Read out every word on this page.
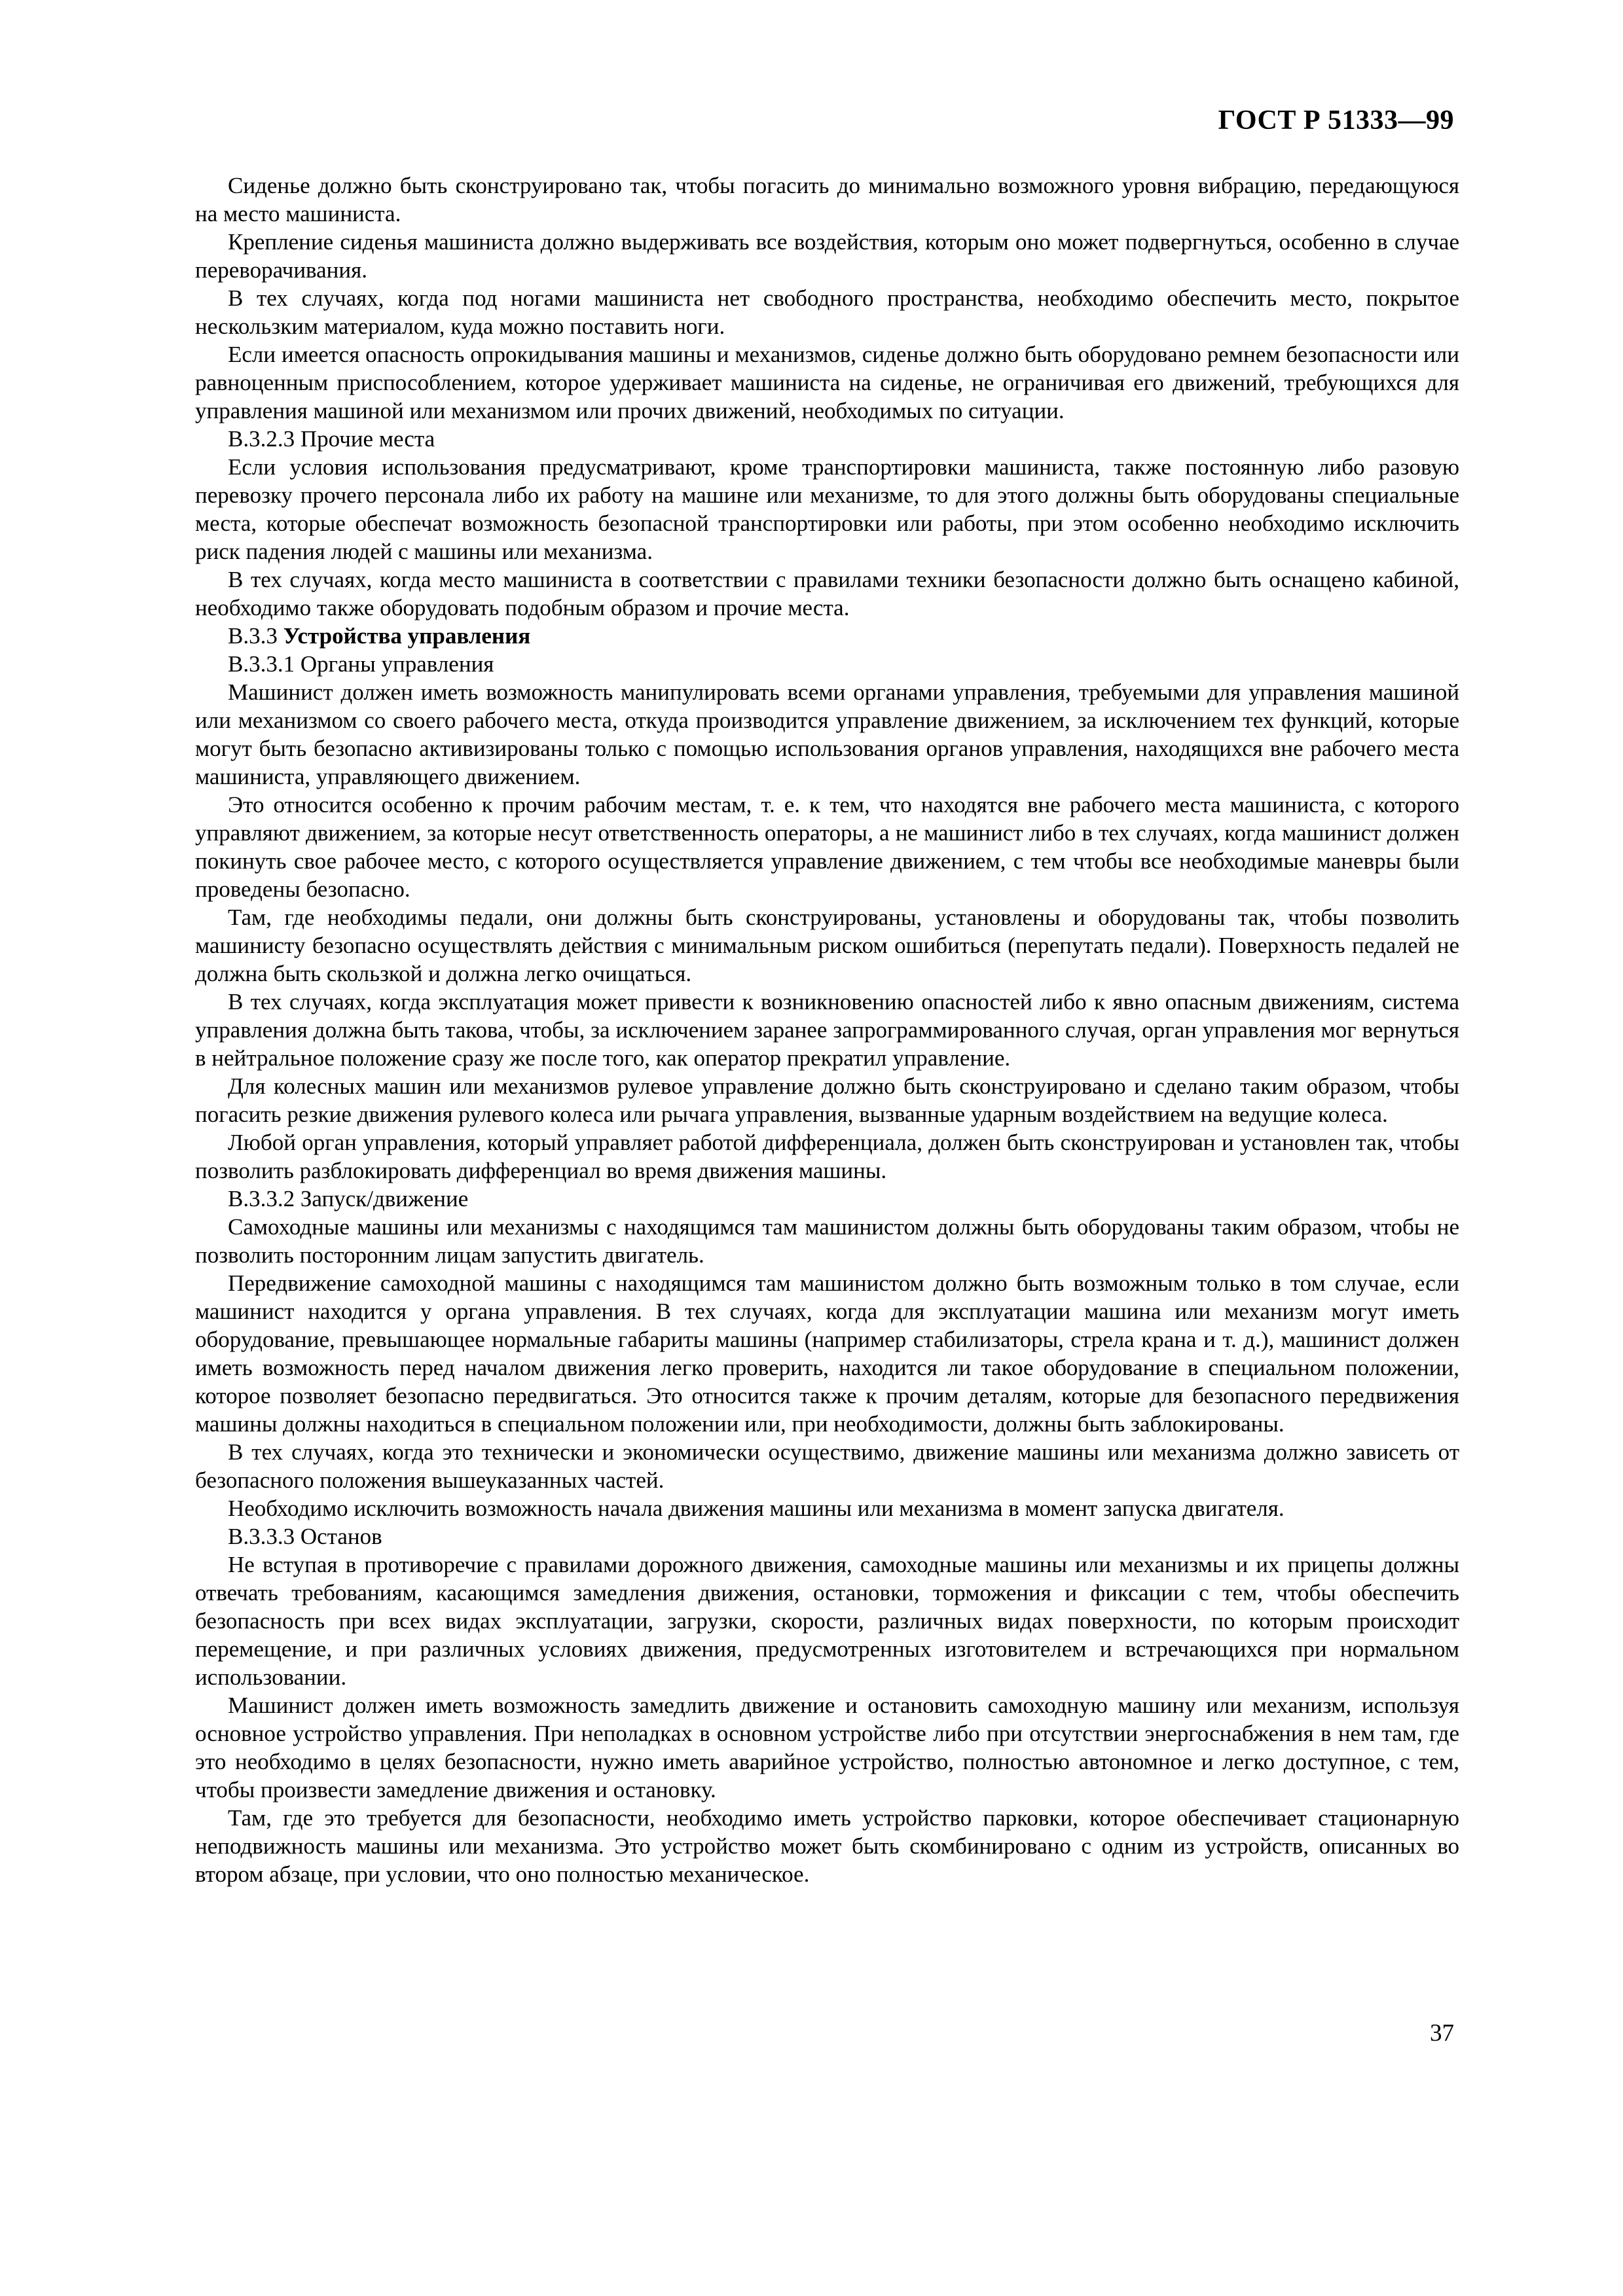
ГОСТ Р 51333—99

Сиденье должно быть сконструировано так, чтобы погасить до минимально возможного уровня вибрацию, передающуюся на место машиниста.

Крепление сиденья машиниста должно выдерживать все воздействия, которым оно может подвергнуться, особенно в случае переворачивания.

В тех случаях, когда под ногами машиниста нет свободного пространства, необходимо обеспечить место, покрытое нескользким материалом, куда можно поставить ноги.

Если имеется опасность опрокидывания машины и механизмов, сиденье должно быть оборудовано ремнем безопасности или равноценным приспособлением, которое удерживает машиниста на сиденье, не ограничивая его движений, требующихся для управления машиной или механизмом или прочих движений, необходимых по ситуации.

В.3.2.3 Прочие места

Если условия использования предусматривают, кроме транспортировки машиниста, также постоянную либо разовую перевозку прочего персонала либо их работу на машине или механизме, то для этого должны быть оборудованы специальные места, которые обеспечат возможность безопасной транспортировки или работы, при этом особенно необходимо исключить риск падения людей с машины или механизма.

В тех случаях, когда место машиниста в соответствии с правилами техники безопасности должно быть оснащено кабиной, необходимо также оборудовать подобным образом и прочие места.

В.3.3 Устройства управления

В.3.3.1 Органы управления

Машинист должен иметь возможность манипулировать всеми органами управления, требуемыми для управления машиной или механизмом со своего рабочего места, откуда производится управление движением, за исключением тех функций, которые могут быть безопасно активизированы только с помощью использования органов управления, находящихся вне рабочего места машиниста, управляющего движением.

Это относится особенно к прочим рабочим местам, т. е. к тем, что находятся вне рабочего места машиниста, с которого управляют движением, за которые несут ответственность операторы, а не машинист либо в тех случаях, когда машинист должен покинуть свое рабочее место, с которого осуществляется управление движением, с тем чтобы все необходимые маневры были проведены безопасно.

Там, где необходимы педали, они должны быть сконструированы, установлены и оборудованы так, чтобы позволить машинисту безопасно осуществлять действия с минимальным риском ошибиться (перепутать педали). Поверхность педалей не должна быть скользкой и должна легко очищаться.

В тех случаях, когда эксплуатация может привести к возникновению опасностей либо к явно опасным движениям, система управления должна быть такова, чтобы, за исключением заранее запрограммированного случая, орган управления мог вернуться в нейтральное положение сразу же после того, как оператор прекратил управление.

Для колесных машин или механизмов рулевое управление должно быть сконструировано и сделано таким образом, чтобы погасить резкие движения рулевого колеса или рычага управления, вызванные ударным воздействием на ведущие колеса.

Любой орган управления, который управляет работой дифференциала, должен быть сконструирован и установлен так, чтобы позволить разблокировать дифференциал во время движения машины.

В.3.3.2 Запуск/движение

Самоходные машины или механизмы с находящимся там машинистом должны быть оборудованы таким образом, чтобы не позволить посторонним лицам запустить двигатель.

Передвижение самоходной машины с находящимся там машинистом должно быть возможным только в том случае, если машинист находится у органа управления. В тех случаях, когда для эксплуатации машина или механизм могут иметь оборудование, превышающее нормальные габариты машины (например стабилизаторы, стрела крана и т. д.), машинист должен иметь возможность перед началом движения легко проверить, находится ли такое оборудование в специальном положении, которое позволяет безопасно передвигаться. Это относится также к прочим деталям, которые для безопасного передвижения машины должны находиться в специальном положении или, при необходимости, должны быть заблокированы.

В тех случаях, когда это технически и экономически осуществимо, движение машины или механизма должно зависеть от безопасного положения вышеуказанных частей.

Необходимо исключить возможность начала движения машины или механизма в момент запуска двигателя.

В.3.3.3 Останов

Не вступая в противоречие с правилами дорожного движения, самоходные машины или механизмы и их прицепы должны отвечать требованиям, касающимся замедления движения, остановки, торможения и фиксации с тем, чтобы обеспечить безопасность при всех видах эксплуатации, загрузки, скорости, различных видах поверхности, по которым происходит перемещение, и при различных условиях движения, предусмотренных изготовителем и встречающихся при нормальном использовании.

Машинист должен иметь возможность замедлить движение и остановить самоходную машину или механизм, используя основное устройство управления. При неполадках в основном устройстве либо при отсутствии энергоснабжения в нем там, где это необходимо в целях безопасности, нужно иметь аварийное устройство, полностью автономное и легко доступное, с тем, чтобы произвести замедление движения и остановку.

Там, где это требуется для безопасности, необходимо иметь устройство парковки, которое обеспечивает стационарную неподвижность машины или механизма. Это устройство может быть скомбинировано с одним из устройств, описанных во втором абзаце, при условии, что оно полностью механическое.

37
